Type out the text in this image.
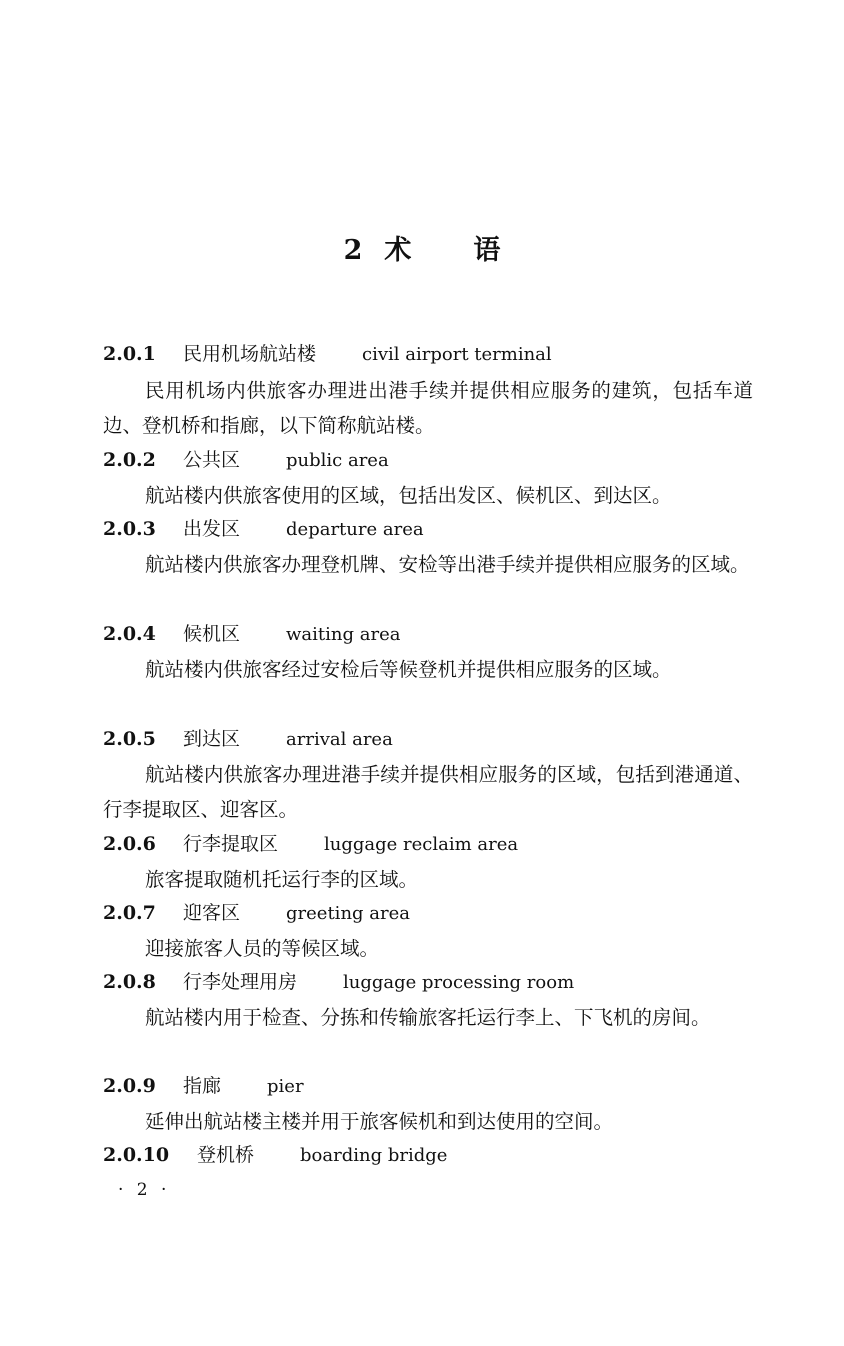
2 术 语
2.0.1 民用机场航站楼	civil airport terminal
民用机场内供旅客办理进出港手续并提供相应服务的建筑，包括车道边、登机桥和指廊，以下简称航站楼。
2.0.2 公共区	public area
航站楼内供旅客使用的区域，包括出发区、候机区、到达区。
2.0.3 出发区	departure area
航站楼内供旅客办理登机牌、安检等出港手续并提供相应服务的区域。
2.0.4 候机区	waiting area
航站楼内供旅客经过安检后等候登机并提供相应服务的区域。
2.0.5 到达区	arrival area
航站楼内供旅客办理进港手续并提供相应服务的区域，包括到港通道、行李提取区、迎客区。
2.0.6 行李提取区	luggage reclaim area
旅客提取随机托运行李的区域。
2.0.7 迎客区	greeting area
迎接旅客人员的等候区域。
2.0.8 行李处理用房	luggage processing room
航站楼内用于检查、分拣和传输旅客托运行李上、下飞机的房间。
2.0.9 指廊	pier
延伸出航站楼主楼并用于旅客候机和到达使用的空间。
2.0.10 登机桥	boarding bridge
· 2 ·
